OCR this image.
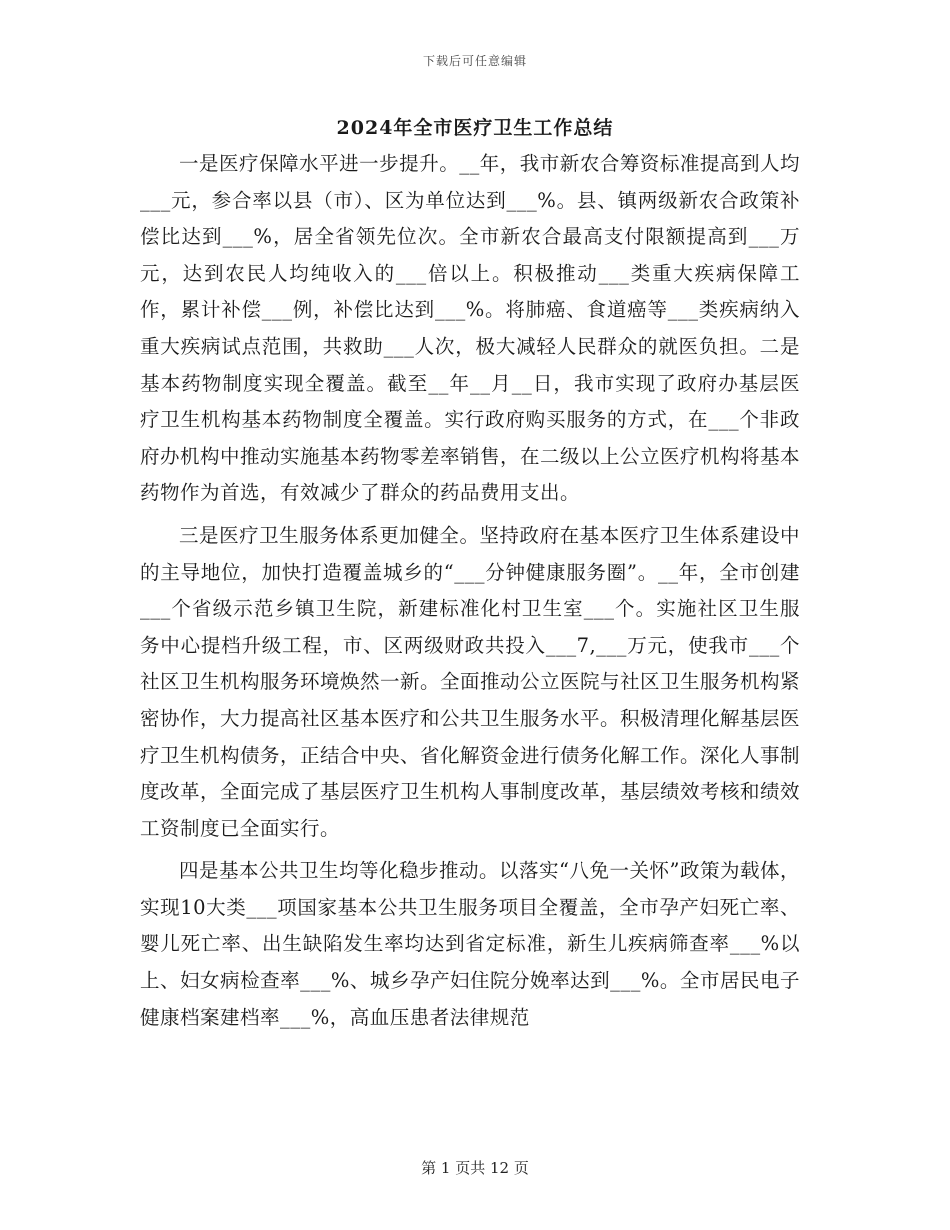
下载后可任意编辑
2024年全市医疗卫生工作总结

一是医疗保障水平进一步提升。__年，我市新农合筹资标准提高到人均___元，参合率以县（市）、区为单位达到___%。县、镇两级新农合政策补偿比达到___%，居全省领先位次。全市新农合最高支付限额提高到___万元，达到农民人均纯收入的___倍以上。积极推动___类重大疾病保障工作，累计补偿___例，补偿比达到___%。将肺癌、食道癌等___类疾病纳入重大疾病试点范围，共救助___人次，极大减轻人民群众的就医负担。二是基本药物制度实现全覆盖。截至__年__月__日，我市实现了政府办基层医疗卫生机构基本药物制度全覆盖。实行政府购买服务的方式，在___个非政府办机构中推动实施基本药物零差率销售，在二级以上公立医疗机构将基本药物作为首选，有效减少了群众的药品费用支出。

三是医疗卫生服务体系更加健全。坚持政府在基本医疗卫生体系建设中的主导地位，加快打造覆盖城乡的“___分钟健康服务圈”。__年，全市创建___个省级示范乡镇卫生院，新建标准化村卫生室___个。实施社区卫生服务中心提档升级工程，市、区两级财政共投入___7,___万元，使我市___个社区卫生机构服务环境焕然一新。全面推动公立医院与社区卫生服务机构紧密协作，大力提高社区基本医疗和公共卫生服务水平。积极清理化解基层医疗卫生机构债务，正结合中央、省化解资金进行债务化解工作。深化人事制度改革，全面完成了基层医疗卫生机构人事制度改革，基层绩效考核和绩效工资制度已全面实行。

四是基本公共卫生均等化稳步推动。以落实“八免一关怀”政策为载体，实现10大类___项国家基本公共卫生服务项目全覆盖，全市孕产妇死亡率、婴儿死亡率、出生缺陷发生率均达到省定标准，新生儿疾病筛查率___%以上、妇女病检查率___%、城乡孕产妇住院分娩率达到___%。全市居民电子健康档案建档率___%，高血压患者法律规范

第 1 页共 12 页
